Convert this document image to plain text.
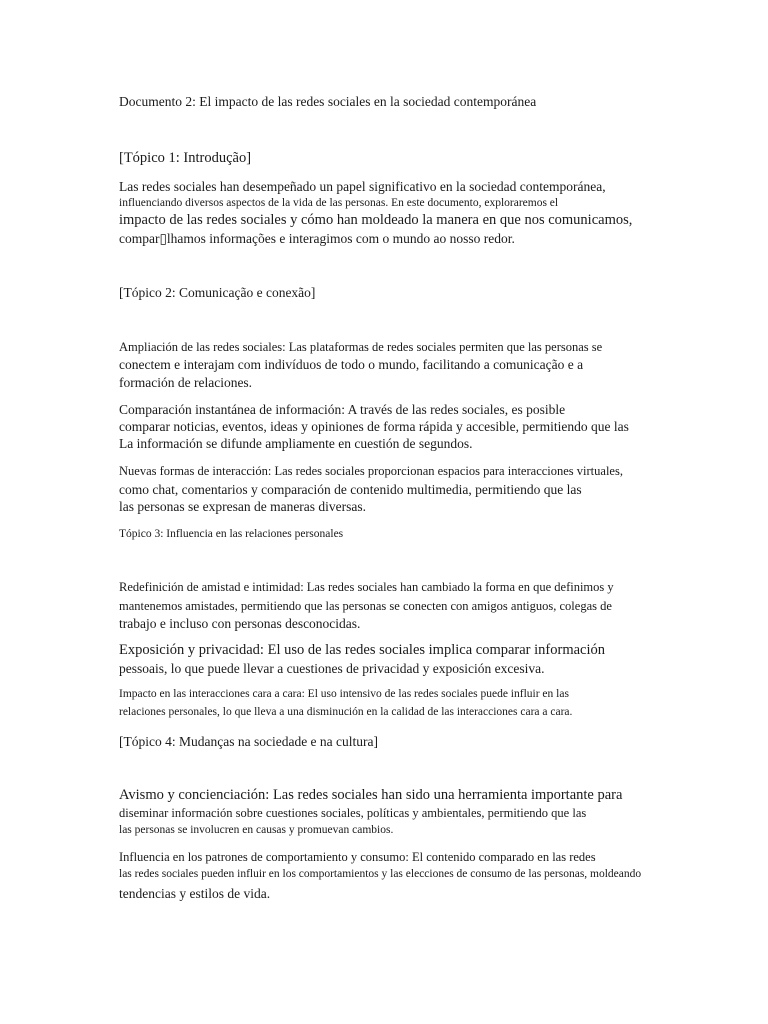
Documento 2: El impacto de las redes sociales en la sociedad contemporánea
[Tópico 1: Introdução]
Las redes sociales han desempeñado un papel significativo en la sociedad contemporánea,
influenciando diversos aspectos de la vida de las personas. En este documento, exploraremos el
impacto de las redes sociales y cómo han moldeado la manera en que nos comunicamos,
compar▯​lhamos informações e interagimos com o mundo ao nosso redor.
[Tópico 2: Comunicação e conexão]
Ampliación de las redes sociales: Las plataformas de redes sociales permiten que las personas se
conectem e interajam com indivíduos de todo o mundo, facilitando a comunicação e a
formación de relaciones.
Comparación instantánea de información: A través de las redes sociales, es posible
comparar noticias, eventos, ideas y opiniones de forma rápida y accesible, permitiendo que las
La información se difunde ampliamente en cuestión de segundos.
Nuevas formas de interacción: Las redes sociales proporcionan espacios para interacciones virtuales,
como chat, comentarios y comparación de contenido multimedia, permitiendo que las
las personas se expresan de maneras diversas.
Tópico 3: Influencia en las relaciones personales
Redefinición de amistad e intimidad: Las redes sociales han cambiado la forma en que definimos y
mantenemos amistades, permitiendo que las personas se conecten con amigos antiguos, colegas de
trabajo e incluso con personas desconocidas.
Exposición y privacidad: El uso de las redes sociales implica comparar información
pessoais, lo que puede llevar a cuestiones de privacidad y exposición excesiva.
Impacto en las interacciones cara a cara: El uso intensivo de las redes sociales puede influir en las
relaciones personales, lo que lleva a una disminución en la calidad de las interacciones cara a cara.
[Tópico 4: Mudanças na sociedade e na cultura]
Avismo y concienciación: Las redes sociales han sido una herramienta importante para
diseminar información sobre cuestiones sociales, políticas y ambientales, permitiendo que las
las personas se involucren en causas y promuevan cambios.
Influencia en los patrones de comportamiento y consumo: El contenido comparado en las redes
las redes sociales pueden influir en los comportamientos y las elecciones de consumo de las personas, moldeando
tendencias y estilos de vida.
